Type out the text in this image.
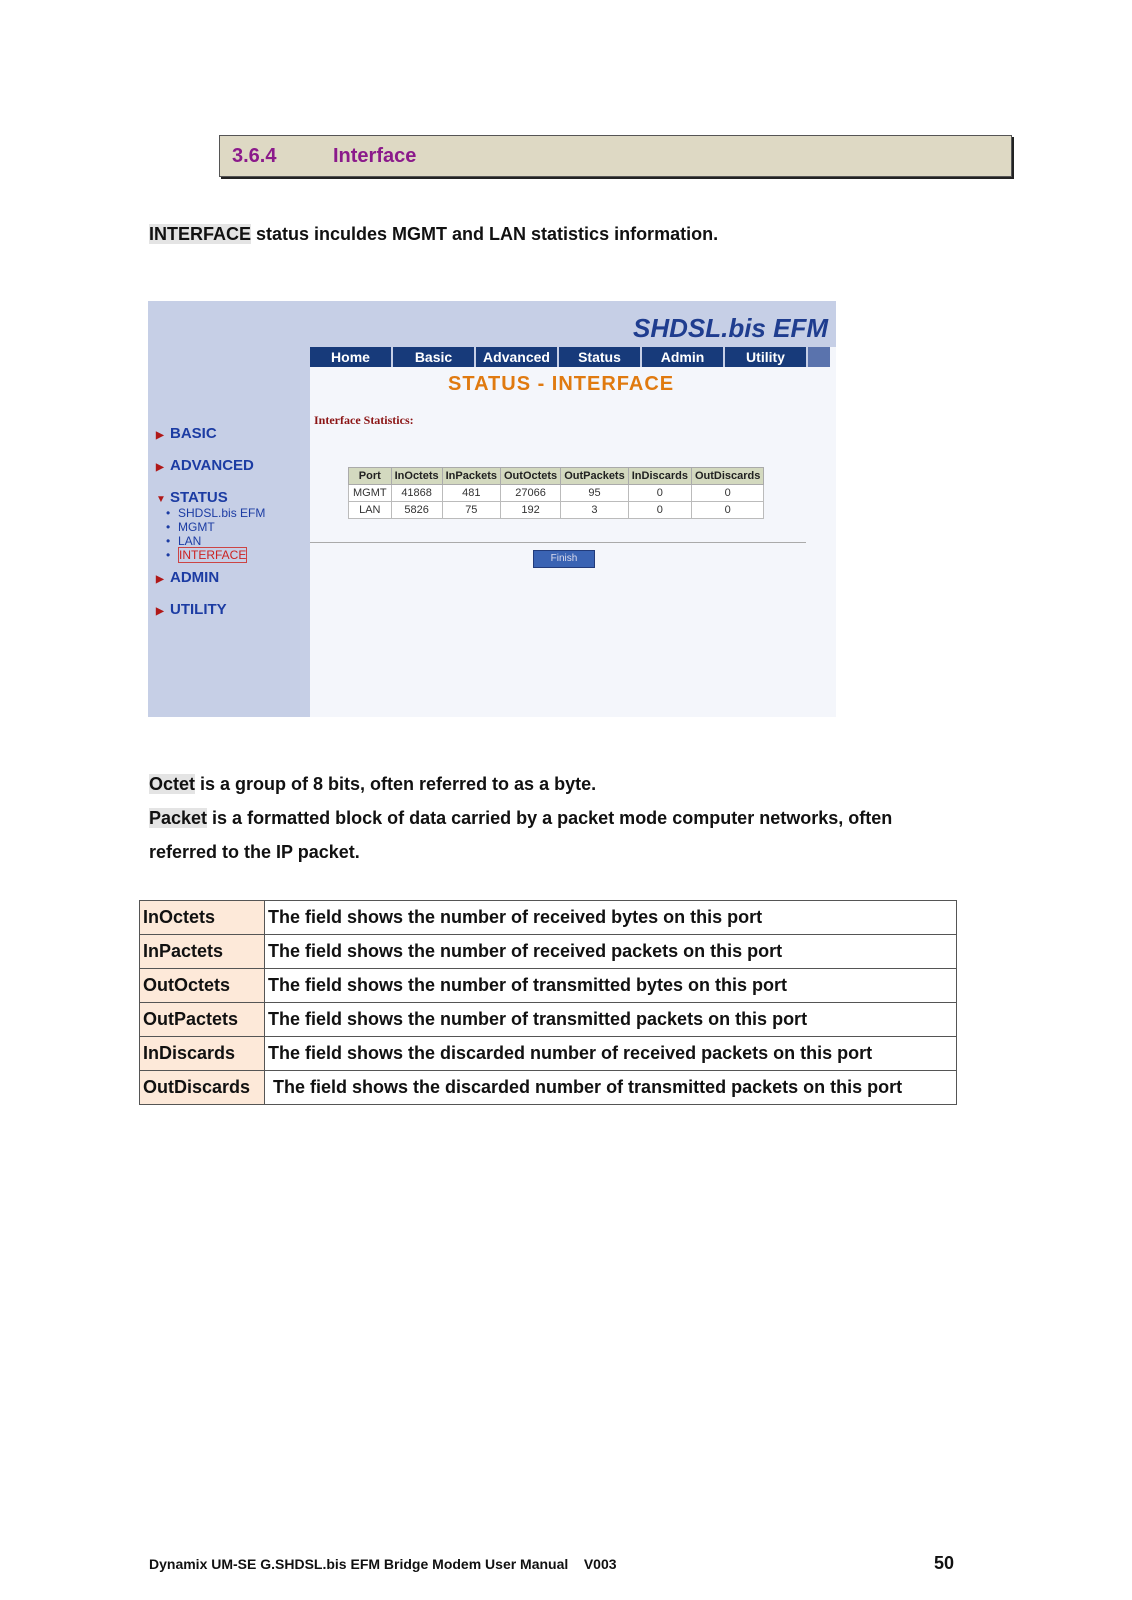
3.6.4	Interface
INTERFACE status inculdes MGMT and LAN statistics information.
SHDSL.bis EFM
Home	Basic	Advanced	Status	Admin	Utility
STATUS - INTERFACE
Interface Statistics:
▶ BASIC
▶ ADVANCED
▼ STATUS
• SHDSL.bis EFM
• MGMT
• LAN
• INTERFACE
▶ ADMIN
▶ UTILITY
Port	InOctets	InPackets	OutOctets	OutPackets	InDiscards	OutDiscards
MGMT	41868	481	27066	95	0	0
LAN	5826	75	192	3	0	0
Finish
Octet is a group of 8 bits, often referred to as a byte.
Packet is a formatted block of data carried by a packet mode computer networks, often
referred to the IP packet.
InOctets	The field shows the number of received bytes on this port
InPactets	The field shows the number of received packets on this port
OutOctets	The field shows the number of transmitted bytes on this port
OutPactets	The field shows the number of transmitted packets on this port
InDiscards	The field shows the discarded number of received packets on this port
OutDiscards	The field shows the discarded number of transmitted packets on this port
Dynamix UM-SE G.SHDSL.bis EFM Bridge Modem User Manual    V003	50
